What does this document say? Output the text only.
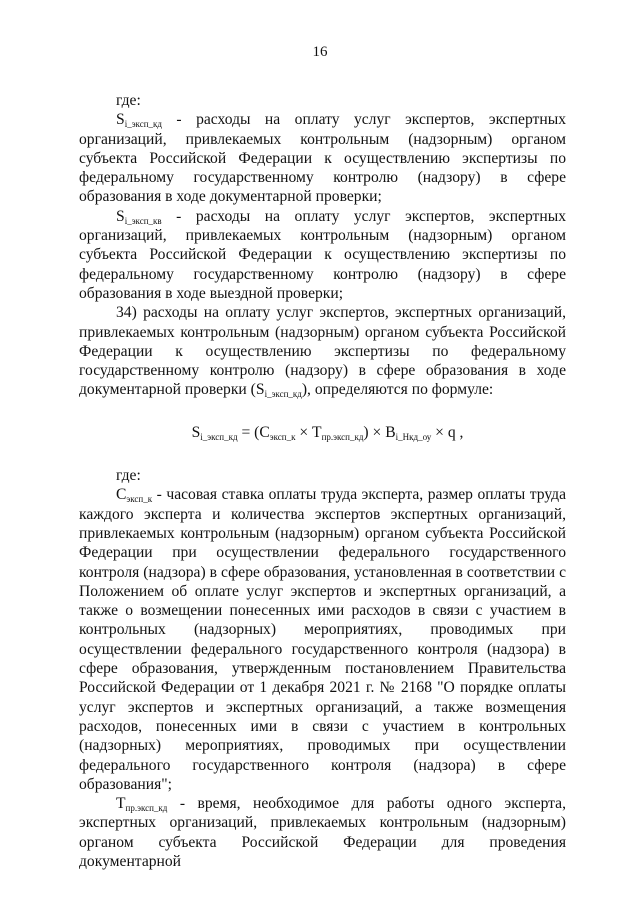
16

где:

$S_{i\_эксп\_кд}$ - расходы на оплату услуг экспертов, экспертных организаций, привлекаемых контрольным (надзорным) органом субъекта Российской Федерации к осуществлению экспертизы по федеральному государственному контролю (надзору) в сфере образования в ходе документарной проверки;

$S_{i\_эксп\_кв}$ - расходы на оплату услуг экспертов, экспертных организаций, привлекаемых контрольным (надзорным) органом субъекта Российской Федерации к осуществлению экспертизы по федеральному государственному контролю (надзору) в сфере образования в ходе выездной проверки;

34) расходы на оплату услуг экспертов, экспертных организаций, привлекаемых контрольным (надзорным) органом субъекта Российской Федерации к осуществлению экспертизы по федеральному государственному контролю (надзору) в сфере образования в ходе документарной проверки $(S_{i\_эксп\_кд})$, определяются по формуле:

$S_{i\_эксп\_кд} = (C_{эксп\_к} \times T_{пр.эксп\_кд}) \times B_{i\_Нкд\_оу} \times q$ ,

где:

$C_{эксп\_к}$ - часовая ставка оплаты труда эксперта, размер оплаты труда каждого эксперта и количества экспертов экспертных организаций, привлекаемых контрольным (надзорным) органом субъекта Российской Федерации при осуществлении федерального государственного контроля (надзора) в сфере образования, установленная в соответствии с Положением об оплате услуг экспертов и экспертных организаций, а также о возмещении понесенных ими расходов в связи с участием в контрольных (надзорных) мероприятиях, проводимых при осуществлении федерального государственного контроля (надзора) в сфере образования, утвержденным постановлением Правительства Российской Федерации от 1 декабря 2021 г. № 2168 "О порядке оплаты услуг экспертов и экспертных организаций, а также возмещения расходов, понесенных ими в связи с участием в контрольных (надзорных) мероприятиях, проводимых при осуществлении федерального государственного контроля (надзора) в сфере образования";

$T_{пр.эксп\_кд}$ - время, необходимое для работы одного эксперта, экспертных организаций, привлекаемых контрольным (надзорным) органом субъекта Российской Федерации для проведения документарной
